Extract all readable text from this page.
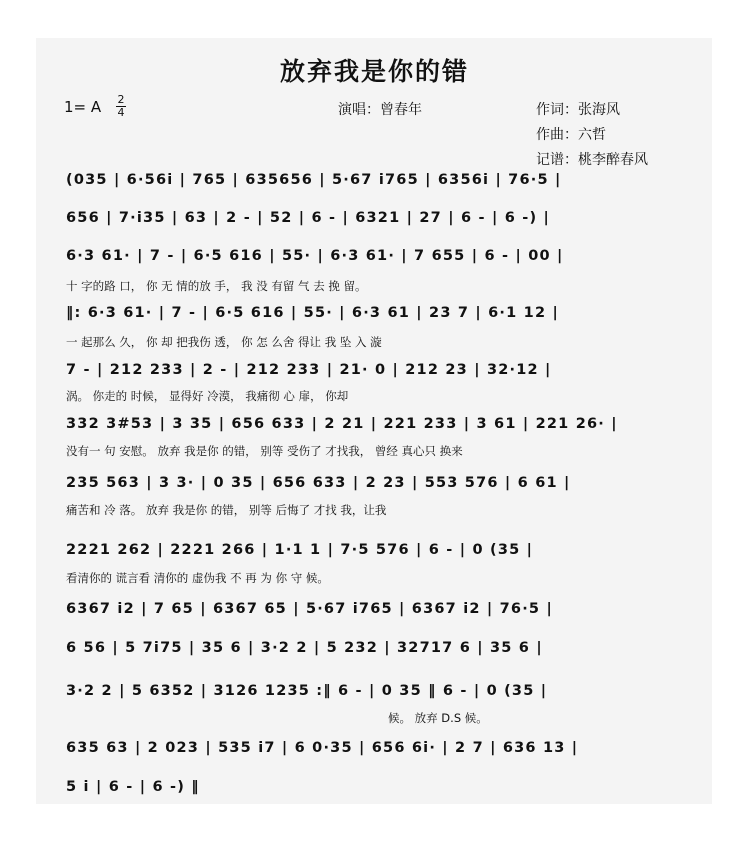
放弃我是你的错
1= A 2
4	演唱：曾春年	作词：张海风
作曲：六哲
记谱：桃李醉春风
(035 | 6·56i | 765 | 635656 | 5·67 i765 | 6356i | 76·5 |
656 | 7·i35 | 63 | 2 - | 52 | 6 - | 6321 | 27 | 6 - | 6 -) |
6·3 61· | 7 - | 6·5 616 | 55· | 6·3 61· | 7 655 | 6 - | 00 |
十 字的路 口， 你 无 情的放 手， 我 没 有留 气 去 挽 留。
‖: 6·3 61· | 7 - | 6·5 616 | 55· | 6·3 61 | 23 7 | 6·1 12 |
一 起那么 久， 你 却 把我伤 透， 你 怎 么舍 得让 我 坠 入 漩
7 - | 212 233 | 2 - | 212 233 | 21· 0 | 212 23 | 32·12 |
涡。 你走的 时候， 显得好 冷漠， 我痛彻 心 扉， 你却
332 3#53 | 3 35 | 656 633 | 2 21 | 221 233 | 3 61 | 221 26· |
没有一 句 安慰。 放弃 我是你 的错， 别等 受伤了 才找我， 曾经 真心只 换来
235 563 | 3 3· | 0 35 | 656 633 | 2 23 | 553 576 | 6 61 |
痛苦和 冷 落。 放弃 我是你 的错， 别等 后悔了 才找 我，让我
2221 262 | 2221 266 | 1·1 1 | 7·5 576 | 6 - | 0 (35 |
看清你的 谎言看 清你的 虚伪我 不 再 为 你 守 候。
6367 i2 | 7 65 | 6367 65 | 5·67 i765 | 6367 i2 | 76·5 |
6 56 | 5 7i75 | 35 6 | 3·2 2 | 5 232 | 32717 6 | 35 6 |
3·2 2 | 5 6352 | 3126 1235 :‖ 6 - | 0 35 ‖ 6 - | 0 (35 |
候。 放弃 D.S 候。
635 63 | 2 023 | 535 i7 | 6 0·35 | 656 6i· | 2 7 | 636 13 |
5 i | 6 - | 6 -) ‖
